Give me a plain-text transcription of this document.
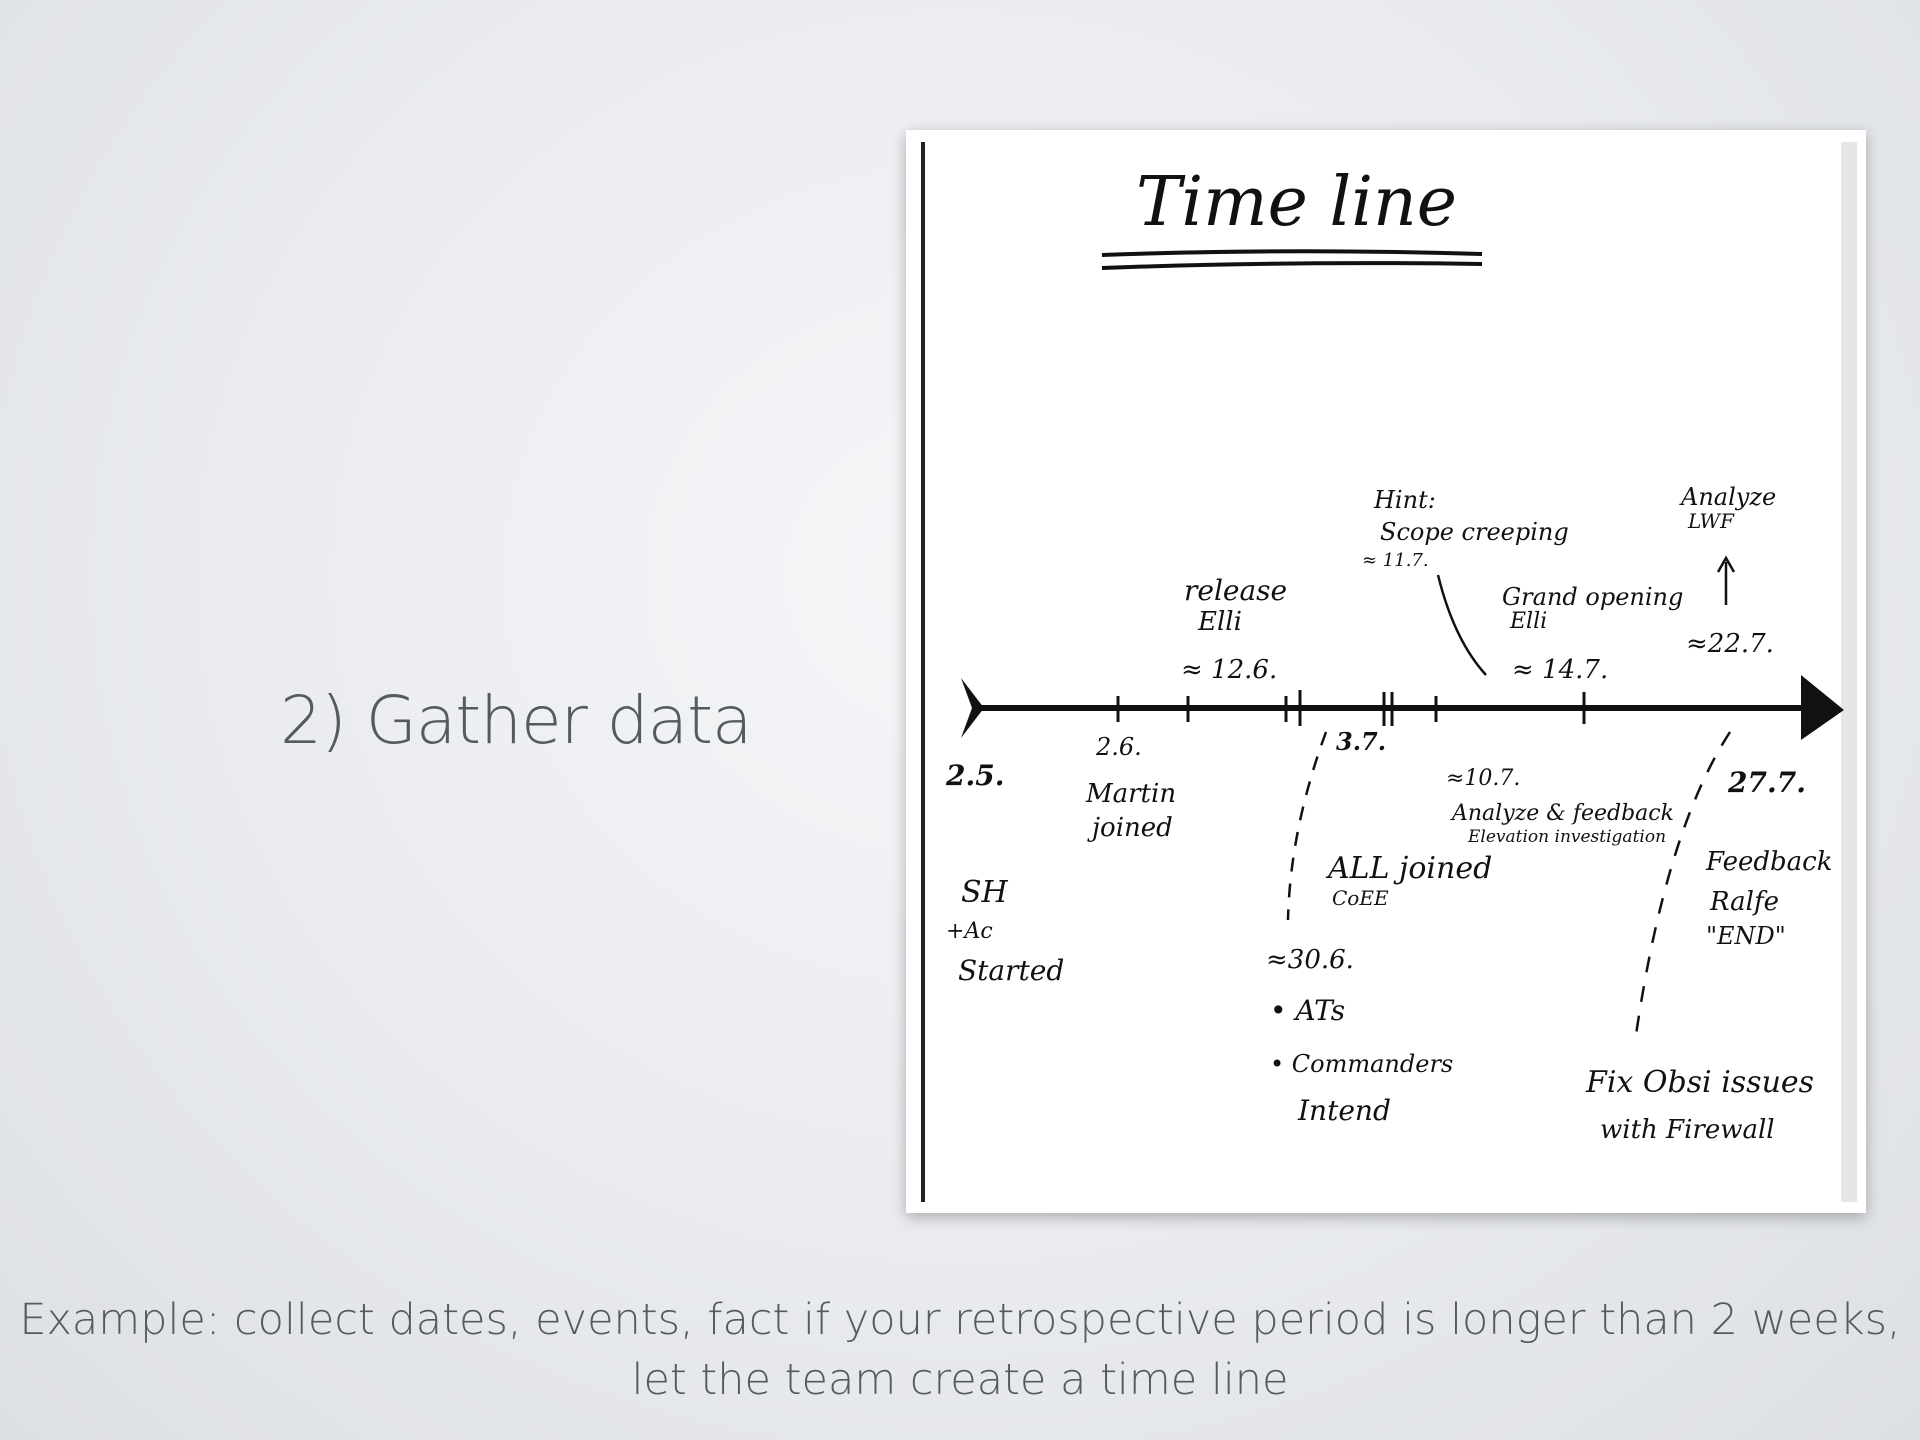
2) Gather data
Time line
2.5.
SH
+Ac
Started
2.6.
Martin
joined
release
Elli
≈ 12.6.
Hint:
Scope creeping
≈ 11.7.
3.7.
ALL joined
CoEE
≈30.6.
• ATs
• Commanders
Intend
Grand opening
Elli
≈ 14.7.
≈10.7.
Analyze & feedback
Elevation investigation
Analyze
LWF
≈22.7.
27.7.
Feedback
Ralfe
"END"
Fix Obsi issues
with Firewall
Example: collect dates, events, fact if your retrospective period is longer than 2 weeks,
let the team create a time line
